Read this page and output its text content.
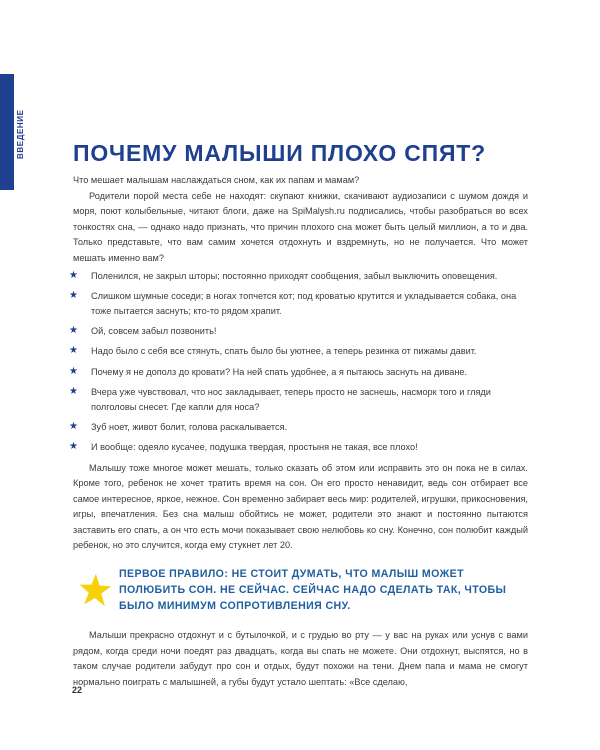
ВВЕДЕНИЕ ПОЧЕМУ МАЛЫШИ ПЛОХО СПЯТ?

Что мешает малышам наслаждаться сном, как их папам и мамам?

Родители порой места себе не находят: скупают книжки, скачивают аудиозаписи с шумом дождя и моря, поют колыбельные, читают блоги, даже на SpiMalysh.ru подписались, чтобы разобраться во всех тонкостях сна, — однако надо признать, что причин плохого сна может быть целый миллион, а то и два. Только представьте, что вам самим хочется отдохнуть и вздремнуть, но не получается. Что может мешать именно вам?

★ Поленился, не закрыл шторы; постоянно приходят сообщения, забыл выключить оповещения.
★ Слишком шумные соседи; в ногах топчется кот; под кроватью крутится и укладывается собака, она тоже пытается заснуть; кто-то рядом храпит.
★ Ой, совсем забыл позвонить!
★ Надо было с себя все стянуть, спать было бы уютнее, а теперь резинка от пижамы давит.
★ Почему я не дополз до кровати? На ней спать удобнее, а я пытаюсь заснуть на диване.
★ Вчера уже чувствовал, что нос закладывает, теперь просто не заснешь, насморк того и гляди полголовы снесет. Где капли для носа?
★ Зуб ноет, живот болит, голова раскалывается.
★ И вообще: одеяло кусачее, подушка твердая, простыня не такая, все плохо!

Малышу тоже многое может мешать, только сказать об этом или исправить это он пока не в силах. Кроме того, ребенок не хочет тратить время на сон. Он его просто ненавидит, ведь сон отбирает все самое интересное, яркое, нежное. Сон временно забирает весь мир: родителей, игрушки, прикосновения, игры, впечатления. Без сна малыш обойтись не может, родители это знают и постоянно пытаются заставить его спать, а он что есть мочи показывает свою нелюбовь ко сну. Конечно, сон полюбит каждый ребенок, но это случится, когда ему стукнет лет 20.

ПЕРВОЕ ПРАВИЛО: НЕ СТОИТ ДУМАТЬ, ЧТО МАЛЫШ МОЖЕТ ПОЛЮБИТЬ СОН. НЕ СЕЙЧАС. СЕЙЧАС НАДО СДЕЛАТЬ ТАК, ЧТОБЫ БЫЛО МИНИМУМ СОПРОТИВЛЕНИЯ СНУ.

Малыши прекрасно отдохнут и с бутылочкой, и с грудью во рту — у вас на руках или уснув с вами рядом, когда среди ночи поедят раз двадцать, когда вы спать не можете. Они отдохнут, выспятся, но в таком случае родители забудут про сон и отдых, будут похожи на тени. Днем папа и мама не смогут нормально поиграть с малышней, а губы будут устало шептать: «Все сделаю,

22
